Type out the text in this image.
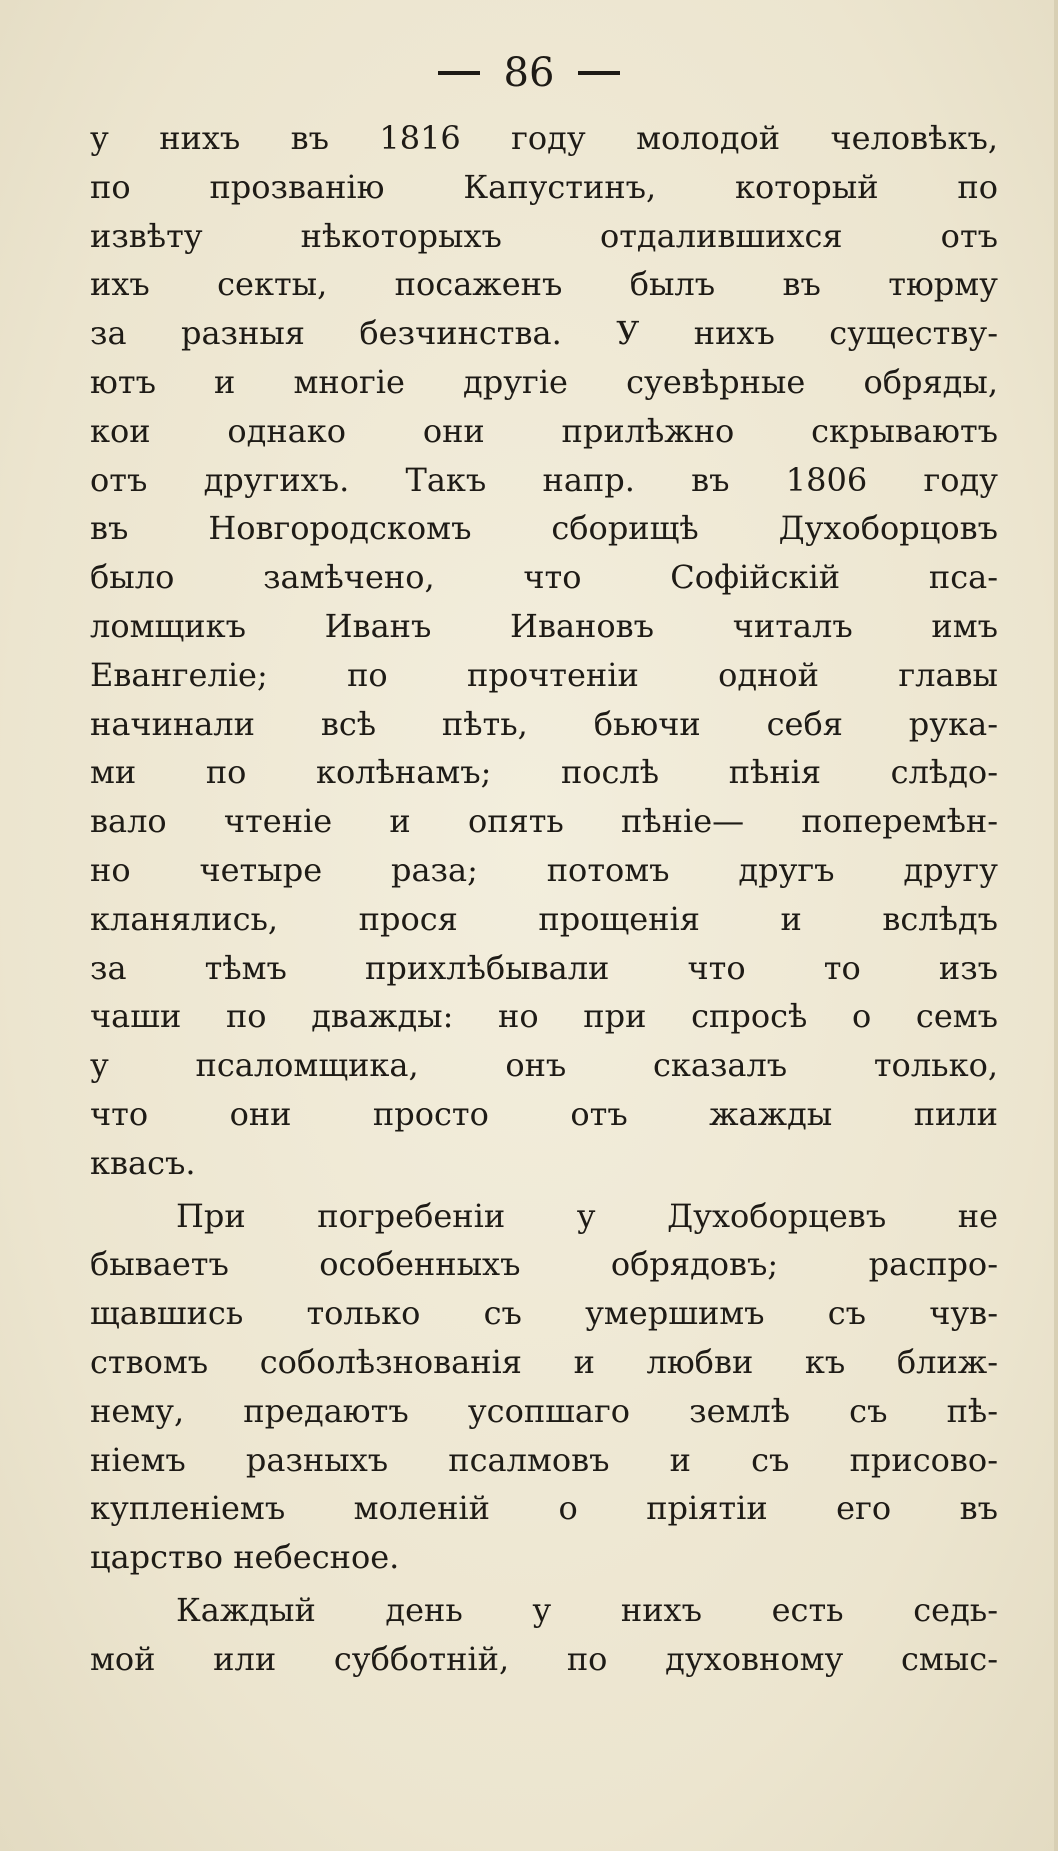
86
у нихъ въ 1816 году молодой человѣкъ,
по прозванію Капустинъ, который по
извѣту нѣкоторыхъ отдалившихся отъ
ихъ секты, посаженъ былъ въ тюрму
за разныя безчинства. У нихъ существу-
ютъ и многіе другіе суевѣрные обряды,
кои однако они прилѣжно скрываютъ
отъ другихъ. Такъ напр. въ 1806 году
въ Новгородскомъ сборищѣ Духоборцовъ
было замѣчено, что Софійскій пса-
ломщикъ Иванъ Ивановъ читалъ имъ
Евангеліе; по прочтеніи одной главы
начинали всѣ пѣть, бьючи себя рука-
ми по колѣнамъ; послѣ пѣнія слѣдо-
вало чтеніе и опять пѣніе— поперемѣн-
но четыре раза; потомъ другъ другу
кланялись, прося прощенія и вслѣдъ
за тѣмъ прихлѣбывали что то изъ
чаши по дважды: но при спросѣ о семъ
у псаломщика, онъ сказалъ только,
что они просто отъ жажды пили
квасъ.
При погребеніи у Духоборцевъ не
бываетъ особенныхъ обрядовъ; распро-
щавшись только съ умершимъ съ чув-
ствомъ соболѣзнованія и любви къ ближ-
нему, предаютъ усопшаго землѣ съ пѣ-
ніемъ разныхъ псалмовъ и съ присово-
купленіемъ моленій о пріятіи его въ
царство небесное.
Каждый день у нихъ есть седь-
мой или субботній, по духовному смыс-
